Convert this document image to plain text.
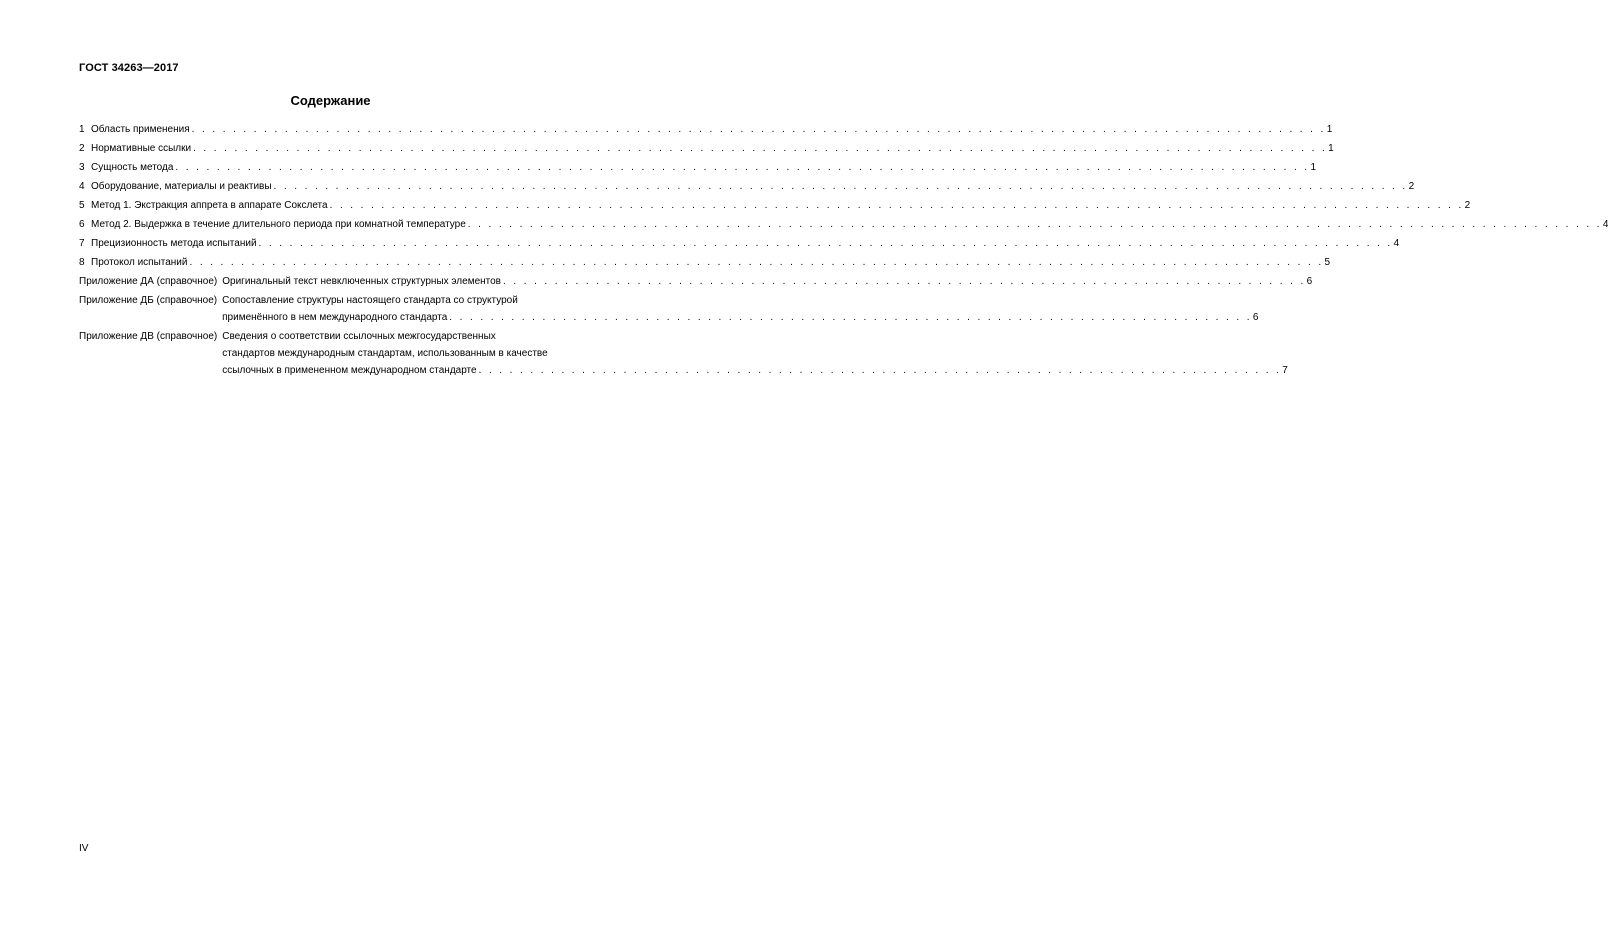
ГОСТ 34263—2017
Содержание
1 Область применения . . .	1
2 Нормативные ссылки . . .	1
3 Сущность метода . . .	1
4 Оборудование, материалы и реактивы . . .	2
5 Метод 1. Экстракция аппрета в аппарате Сокслета . . .	2
6 Метод 2. Выдержка в течение длительного периода при комнатной температуре . . .	4
7 Прецизионность метода испытаний . . .	4
8 Протокол испытаний . . .	5
Приложение ДА (справочное) Оригинальный текст невключенных структурных элементов . . .	6
Приложение ДБ (справочное) Сопоставление структуры настоящего стандарта со структурой
применённого в нем международного стандарта . . .	6
Приложение ДВ (справочное) Сведения о соответствии ссылочных межгосударственных
стандартов международным стандартам, использованным в качестве
ссылочных в примененном международном стандарте . . .	7
IV
